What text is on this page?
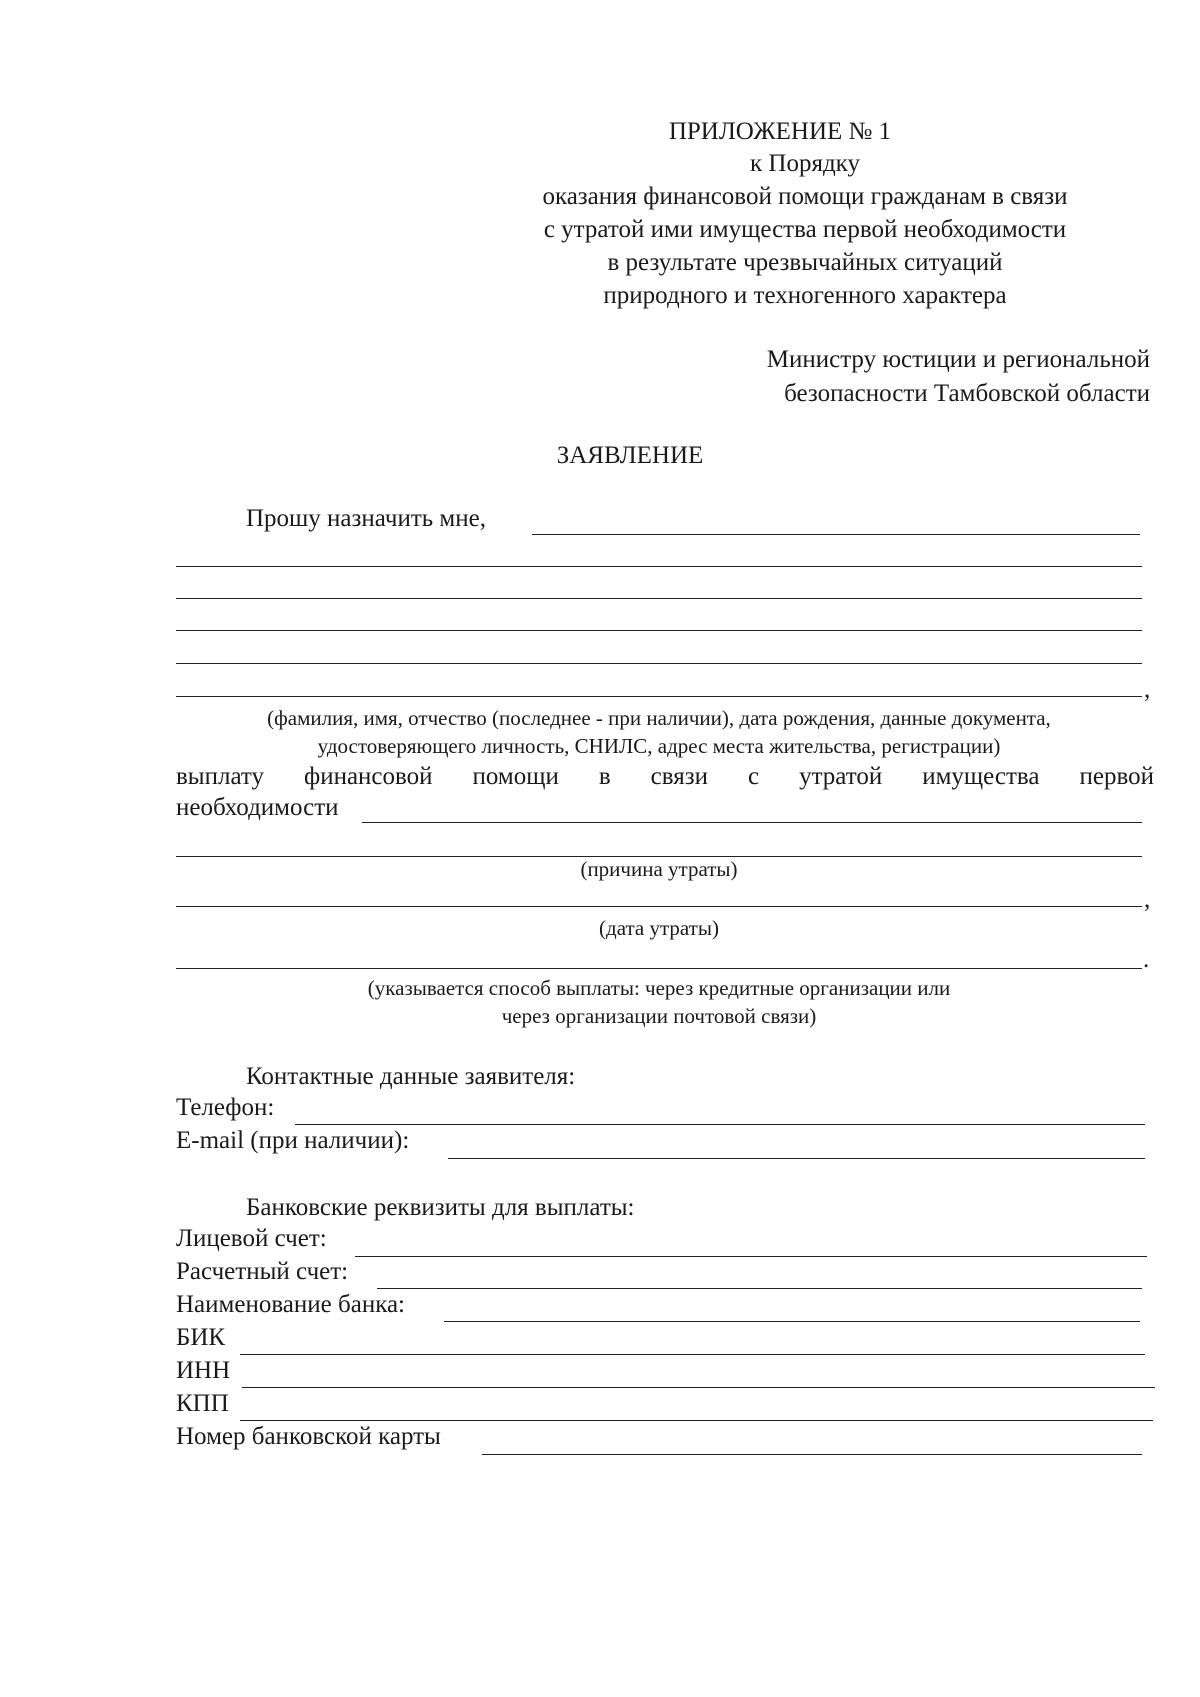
ПРИЛОЖЕНИЕ № 1
к Порядку
оказания финансовой помощи гражданам в связи
с утратой ими имущества первой необходимости
в результате чрезвычайных ситуаций
природного и техногенного характера
Министру юстиции и региональной
безопасности Тамбовской области
ЗАЯВЛЕНИЕ
Прошу назначить мне,
,
(фамилия, имя, отчество (последнее - при наличии), дата рождения, данные документа,
удостоверяющего личность, СНИЛС, адрес места жительства, регистрации)
выплату финансовой помощи в связи с утратой имущества первой
необходимости
(причина утраты)
,
(дата утраты)
.
(указывается способ выплаты: через кредитные организации или
через организации почтовой связи)
Контактные данные заявителя:
Телефон:
E-mail (при наличии):
Банковские реквизиты для выплаты:
Лицевой счет:
Расчетный счет:
Наименование банка:
БИК
ИНН
КПП
Номер банковской карты
